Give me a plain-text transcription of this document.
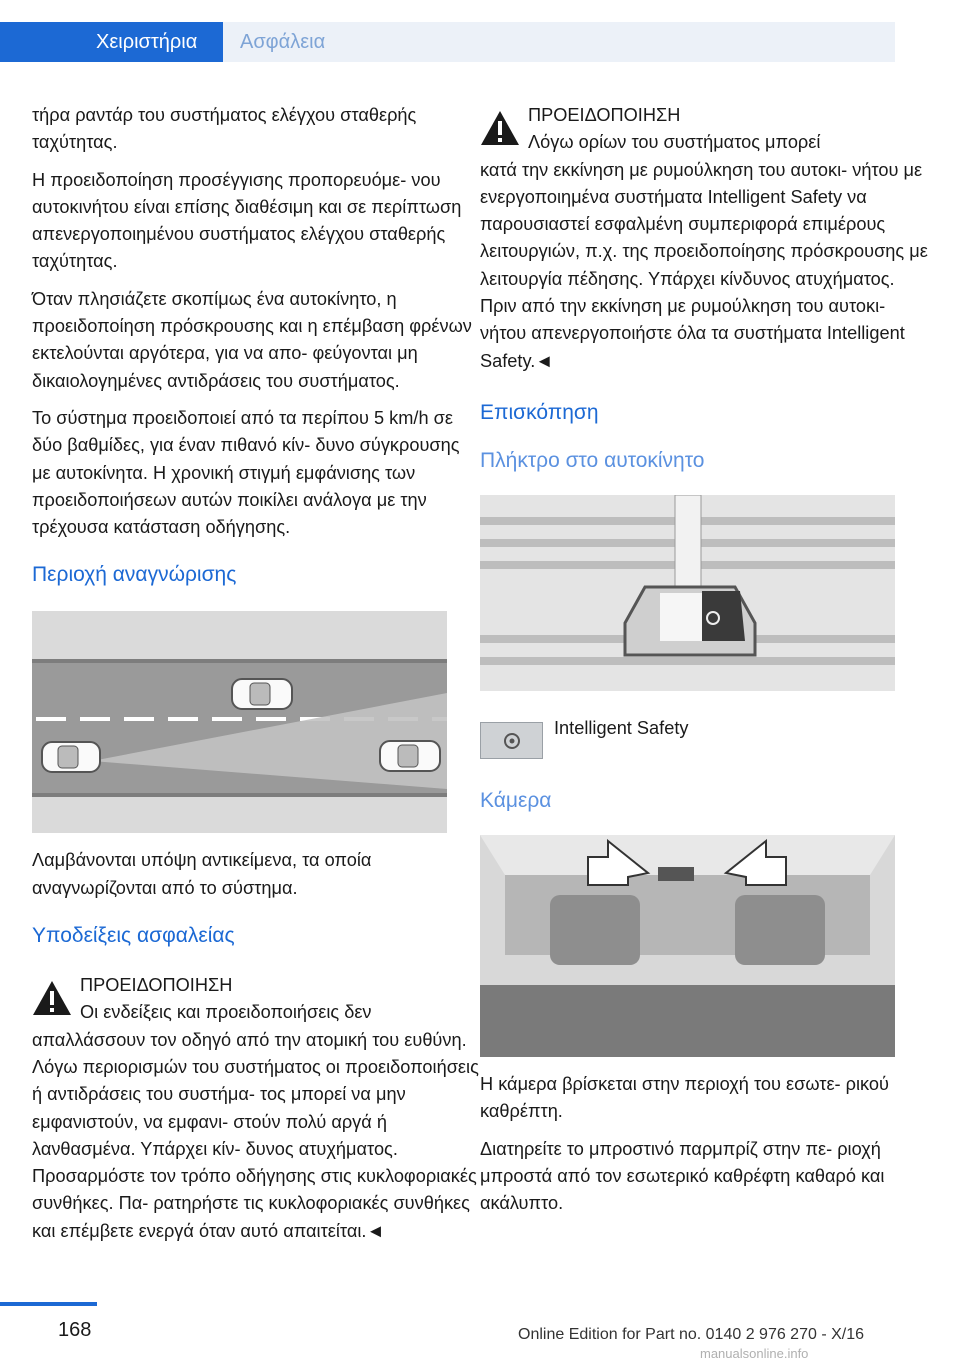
Χειριστήρια	Ασφάλεια

τήρα ραντάρ του συστήματος ελέγχου σταθερής ταχύτητας.

Η προειδοποίηση προσέγγισης προπορευόμε‐ νου αυτοκινήτου είναι επίσης διαθέσιμη και σε περίπτωση απενεργοποιημένου συστήματος ελέγχου σταθερής ταχύτητας.

Όταν πλησιάζετε σκοπίμως ένα αυτοκίνητο, η προειδοποίηση πρόσκρουσης και η επέμβαση φρένων εκτελούνται αργότερα, για να απο‐ φεύγονται μη δικαιολογημένες αντιδράσεις του συστήματος.

Το σύστημα προειδοποιεί από τα περίπου 5 km/h σε δύο βαθμίδες, για έναν πιθανό κίν‐ δυνο σύγκρουσης με αυτοκίνητα. Η χρονική στιγμή εμφάνισης των προειδοποιήσεων αυτών ποικίλει ανάλογα με την τρέχουσα κατάσταση οδήγησης.

Περιοχή αναγνώρισης

Λαμβάνονται υπόψη αντικείμενα, τα οποία αναγνωρίζονται από το σύστημα.

Υποδείξεις ασφαλείας
ΠΡΟΕΙΔΟΠΟΙΗΣΗ
Οι ενδείξεις και προειδοποιήσεις δεν

απαλλάσσουν τον οδηγό από την ατομική του ευθύνη. Λόγω περιορισμών του συστήματος οι προειδοποιήσεις ή αντιδράσεις του συστήμα‐ τος μπορεί να μην εμφανιστούν, να εμφανι‐ στούν πολύ αργά ή λανθασμένα. Υπάρχει κίν‐ δυνος ατυχήματος. Προσαρμόστε τον τρόπο οδήγησης στις κυκλοφοριακές συνθήκες. Πα‐ ρατηρήστε τις κυκλοφοριακές συνθήκες και επέμβετε ενεργά όταν αυτό απαιτείται.◄

ΠΡΟΕΙΔΟΠΟΙΗΣΗ
Λόγω ορίων του συστήματος μπορεί

κατά την εκκίνηση με ρυμούλκηση του αυτοκι‐ νήτου με ενεργοποιημένα συστήματα Intelligent Safety να παρουσιαστεί εσφαλμένη συμπεριφορά επιμέρους λειτουργιών, π.χ. της προειδοποίησης πρόσκρουσης με λειτουργία πέδησης. Υπάρχει κίνδυνος ατυχήματος. Πριν από την εκκίνηση με ρυμούλκηση του αυτοκι‐ νήτου απενεργοποιήστε όλα τα συστήματα Intelligent Safety.◄

Επισκόπηση
Πλήκτρο στο αυτοκίνητο
Intelligent Safety
Κάμερα

Η κάμερα βρίσκεται στην περιοχή του εσωτε‐ ρικού καθρέπτη.

Διατηρείτε το μπροστινό παρμπρίζ στην πε‐ ριοχή μπροστά από τον εσωτερικό καθρέφτη καθαρό και ακάλυπτο.

168	Online Edition for Part no. 0140 2 976 270 - X/16
manualsonline.info
